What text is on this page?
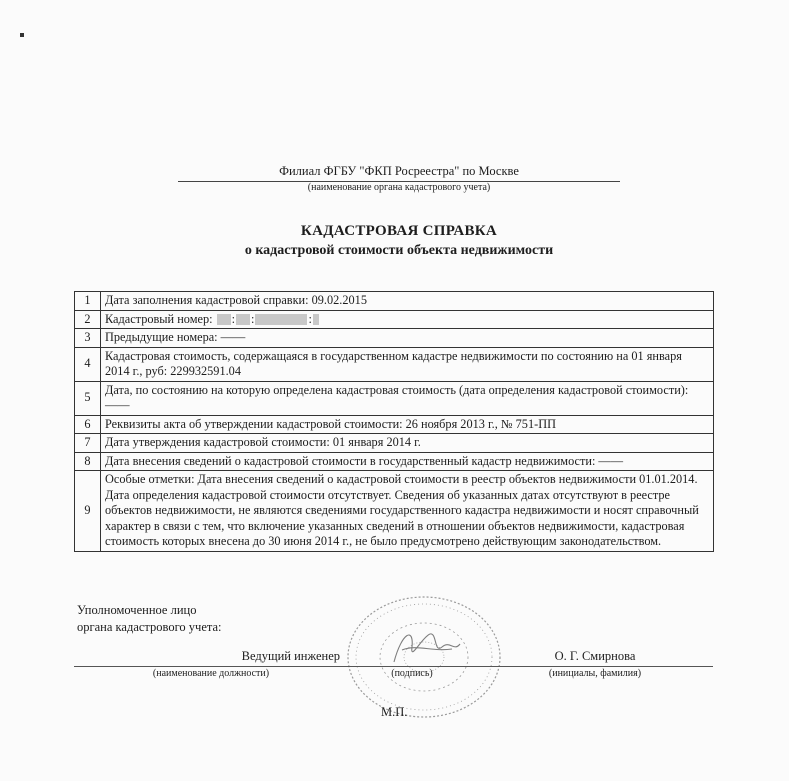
Филиал ФГБУ "ФКП Росреестра" по Москве
(наименование органа кадастрового учета)
КАДАСТРОВАЯ СПРАВКА
о кадастровой стоимости объекта недвижимости
1	Дата заполнения кадастровой справки: 09.02.2015
2	Кадастровый номер: : : :
3	Предыдущие номера: ——
4	Кадастровая стоимость, содержащаяся в государственном кадастре недвижимости по состоянию на 01 января 2014 г., руб: 229932591.04
5	Дата, по состоянию на которую определена кадастровая стоимость (дата определения кадастровой стоимости): ——
6	Реквизиты акта об утверждении кадастровой стоимости: 26 ноября 2013 г., № 751-ПП
7	Дата утверждения кадастровой стоимости: 01 января 2014 г.
8	Дата внесения сведений о кадастровой стоимости в государственный кадастр недвижимости: ——
9	Особые отметки: Дата внесения сведений о кадастровой стоимости в реестр объектов недвижимости 01.01.2014. Дата определения кадастровой стоимости отсутствует. Сведения об указанных датах отсутствуют в реестре объектов недвижимости, не являются сведениями государственного кадастра недвижимости и носят справочный характер в связи с тем, что включение указанных сведений в отношении объектов недвижимости, кадастровая стоимость которых внесена до 30 июня 2014 г., не было предусмотрено действующим законодательством.
Уполномоченное лицо
органа кадастрового учета:
Ведущий инженер	О. Г. Смирнова
(наименование должности)	(подпись)	(инициалы, фамилия)
М.П.
